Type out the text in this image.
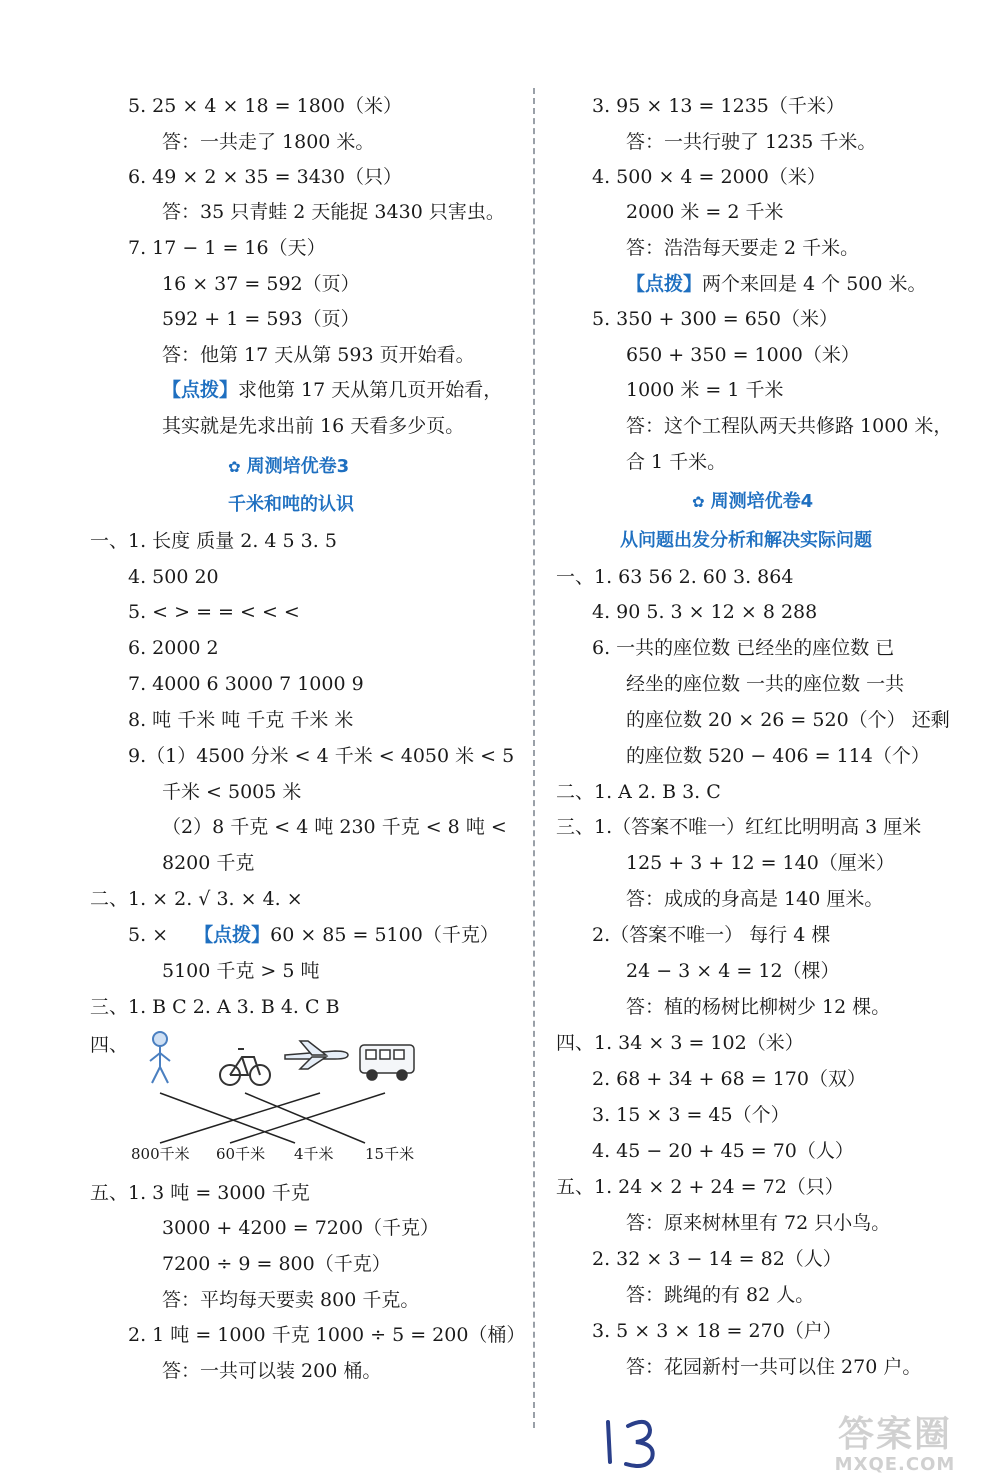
5. 25 × 4 × 18 = 1800（米）
答：一共走了 1800 米。
6. 49 × 2 × 35 = 3430（只）
答：35 只青蛙 2 天能捉 3430 只害虫。
7. 17 − 1 = 16（天）
16 × 37 = 592（页）
592 + 1 = 593（页）
答：他第 17 天从第 593 页开始看。
【点拨】求他第 17 天从第几页开始看，
其实就是先求出前 16 天看多少页。
✿ 周测培优卷3
千米和吨的认识
一、1. 长度 质量 2. 4 5 3. 5
4. 500 20
5. < > = = < < <
6. 2000 2
7. 4000 6 3000 7 1000 9
8. 吨 千米 吨 千克 千米 米
9.（1）4500 分米 < 4 千米 < 4050 米 < 5
千米 < 5005 米
（2）8 千克 < 4 吨 230 千克 < 8 吨 <
8200 千克
二、1. × 2. √ 3. × 4. ×
5. × 【点拨】60 × 85 = 5100（千克）
5100 千克 > 5 吨
三、1. B C 2. A 3. B 4. C B
四、
800千米 60千米 4千米 15千米
五、1. 3 吨 = 3000 千克
3000 + 4200 = 7200（千克）
7200 ÷ 9 = 800（千克）
答：平均每天要卖 800 千克。
2. 1 吨 = 1000 千克 1000 ÷ 5 = 200（桶）
答：一共可以装 200 桶。
3. 95 × 13 = 1235（千米）
答：一共行驶了 1235 千米。
4. 500 × 4 = 2000（米）
2000 米 = 2 千米
答：浩浩每天要走 2 千米。
【点拨】两个来回是 4 个 500 米。
5. 350 + 300 = 650（米）
650 + 350 = 1000（米）
1000 米 = 1 千米
答：这个工程队两天共修路 1000 米，
合 1 千米。
✿ 周测培优卷4
从问题出发分析和解决实际问题
一、1. 63 56 2. 60 3. 864
4. 90 5. 3 × 12 × 8 288
6. 一共的座位数 已经坐的座位数 已
经坐的座位数 一共的座位数 一共
的座位数 20 × 26 = 520（个） 还剩
的座位数 520 − 406 = 114（个）
二、1. A 2. B 3. C
三、1.（答案不唯一）红红比明明高 3 厘米
125 + 3 + 12 = 140（厘米）
答：成成的身高是 140 厘米。
2.（答案不唯一） 每行 4 棵
24 − 3 × 4 = 12（棵）
答：植的杨树比柳树少 12 棵。
四、1. 34 × 3 = 102（米）
2. 68 + 34 + 68 = 170（双）
3. 15 × 3 = 45（个）
4. 45 − 20 + 45 = 70（人）
五、1. 24 × 2 + 24 = 72（只）
答：原来树林里有 72 只小鸟。
2. 32 × 3 − 14 = 82（人）
答：跳绳的有 82 人。
3. 5 × 3 × 18 = 270（户）
答：花园新村一共可以住 270 户。
答案圈
MXQE.COM
